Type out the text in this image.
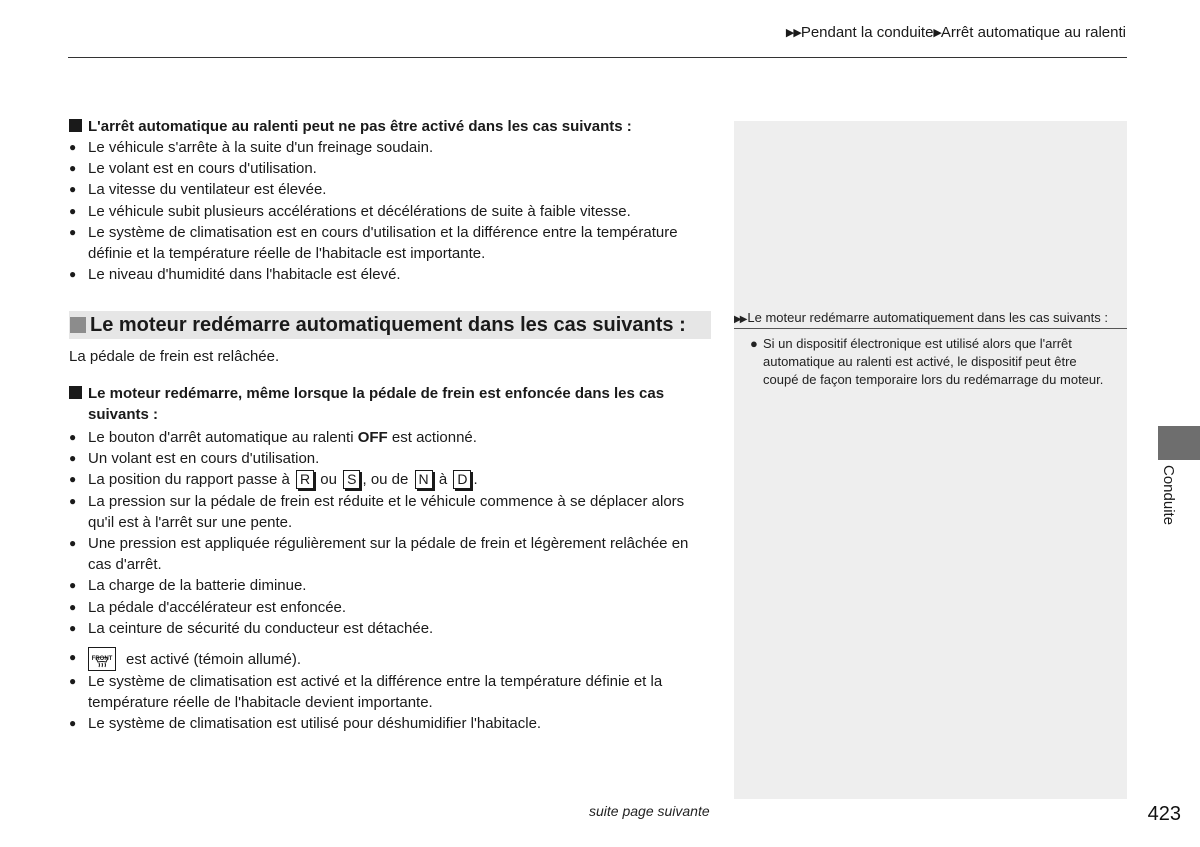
▶▶Pendant la conduite▶Arrêt automatique au ralenti
▶▶ Le moteur redémarre automatiquement dans les cas suivants :
● Si un dispositif électronique est utilisé alors que l'arrêt automatique au ralenti est activé, le dispositif peut être coupé de façon temporaire lors du redémarrage du moteur.
L'arrêt automatique au ralenti peut ne pas être activé dans les cas suivants :
● Le véhicule s'arrête à la suite d'un freinage soudain.
● Le volant est en cours d'utilisation.
● La vitesse du ventilateur est élevée.
● Le véhicule subit plusieurs accélérations et décélérations de suite à faible vitesse.
● Le système de climatisation est en cours d'utilisation et la différence entre la température définie et la température réelle de l'habitacle est importante.
● Le niveau d'humidité dans l'habitacle est élevé.
Le moteur redémarre automatiquement dans les cas suivants :
La pédale de frein est relâchée.
Le moteur redémarre, même lorsque la pédale de frein est enfoncée dans les cas suivants :
● Le bouton d'arrêt automatique au ralenti OFF est actionné.
● Un volant est en cours d'utilisation.
● La position du rapport passe à R ou S , ou de N à D .
● La pression sur la pédale de frein est réduite et le véhicule commence à se déplacer alors qu'il est à l'arrêt sur une pente.
● Une pression est appliquée régulièrement sur la pédale de frein et légèrement relâchée en cas d'arrêt.
● La charge de la batterie diminue.
● La pédale d'accélérateur est enfoncée.
● La ceinture de sécurité du conducteur est détachée.
●	FRONT est activé (témoin allumé).
● Le système de climatisation est activé et la différence entre la température définie et la température réelle de l'habitacle devient importante.
● Le système de climatisation est utilisé pour déshumidifier l'habitacle.
suite page suivante	423
Conduite
